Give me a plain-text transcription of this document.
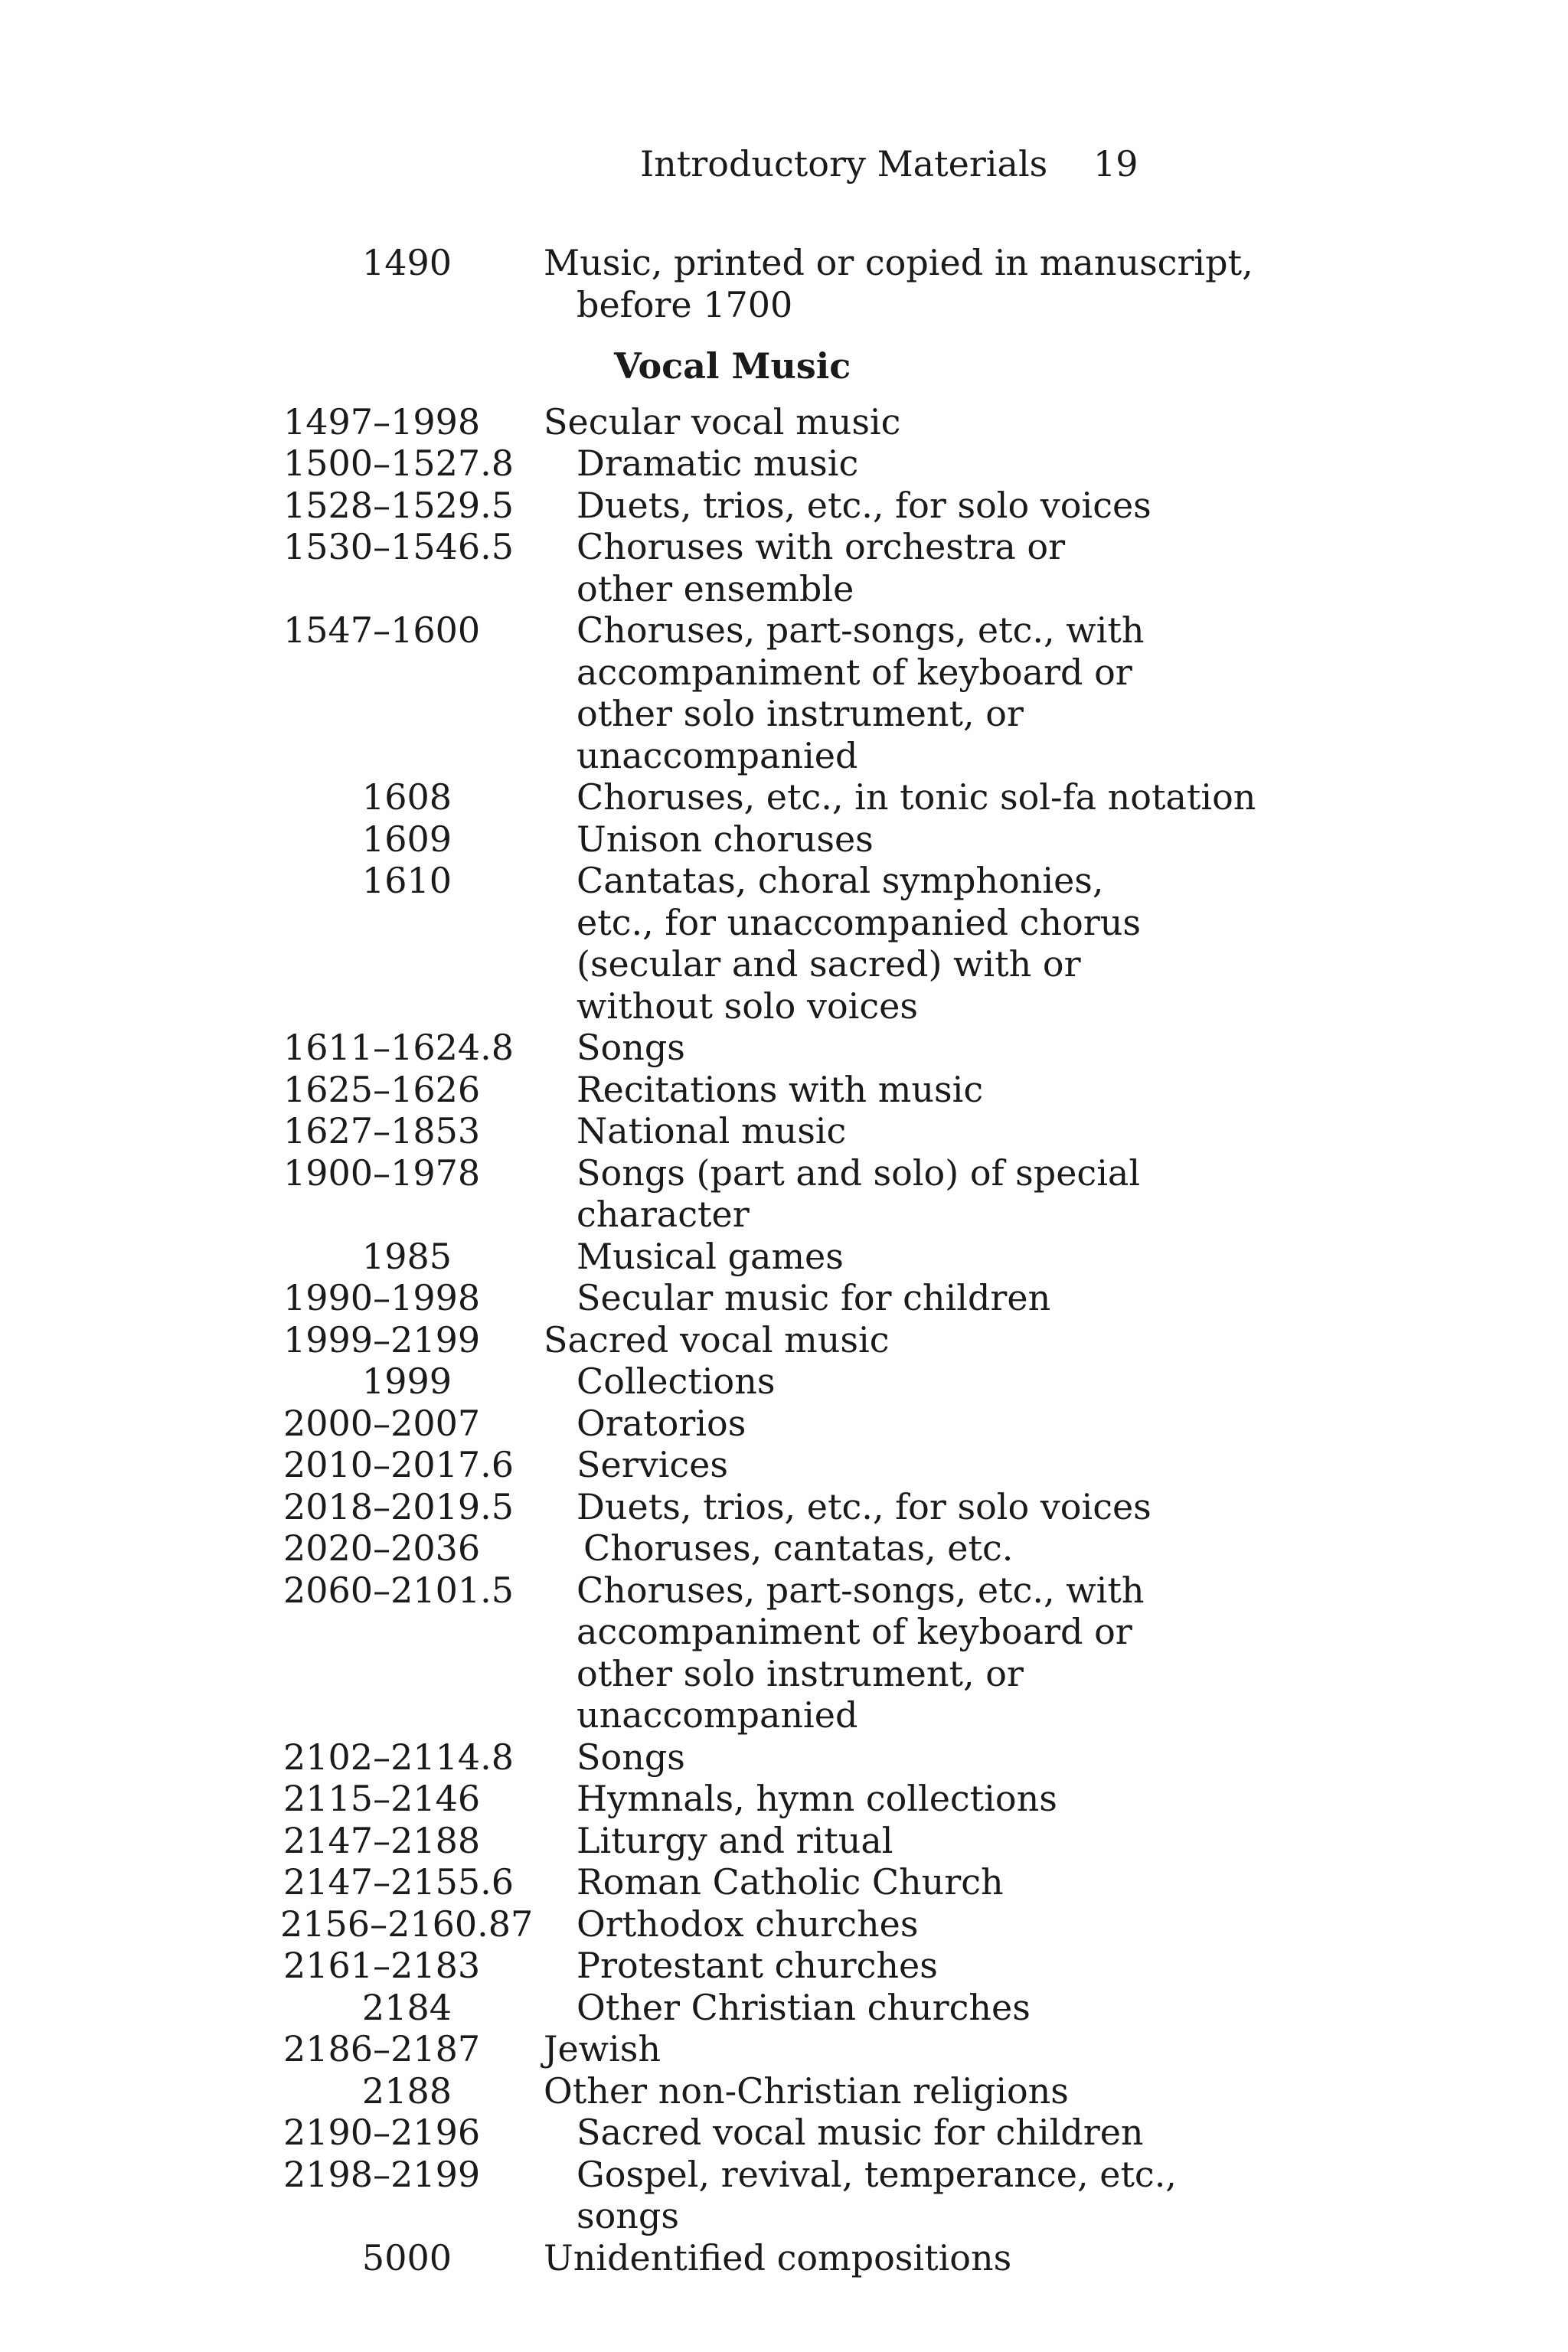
Introductory Materials 19
1490	Music, printed or copied in manuscript,
before 1700
Vocal Music
1497–1998 Secular vocal music
1500–1527.8 Dramatic music
1528–1529.5 Duets, trios, etc., for solo voices
1530–1546.5 Choruses with orchestra or other ensemble
1547–1600	Choruses, part-songs, etc., with accompaniment of keyboard or other solo instrument, or unaccompanied
1608	Choruses, etc., in tonic sol-fa notation
1609	Unison choruses
1610	Cantatas, choral symphonies, etc., for unaccompanied chorus (secular and sacred) with or without solo voices
1611–1624.8 Songs
1625–1626	Recitations with music
1627–1853	National music
1900–1978	Songs (part and solo) of special character
1985	Musical games
1990–1998	Secular music for children
1999–2199 Sacred vocal music
1999	Collections
2000–2007	Oratorios
2010–2017.6 Services
2018–2019.5 Duets, trios, etc., for solo voices
2020–2036	Choruses, cantatas, etc.
2060–2101.5 Choruses, part-songs, etc., with accompaniment of keyboard or other solo instrument, or unaccompanied
2102–2114.8 Songs
2115–2146	Hymnals, hymn collections
2147–2188	Liturgy and ritual
2147–2155.6 Roman Catholic Church
2156–2160.87 Orthodox churches
2161–2183	Protestant churches
2184	Other Christian churches
2186–2187 Jewish
2188	Other non-Christian religions
2190–2196	Sacred vocal music for children
2198–2199	Gospel, revival, temperance, etc., songs
5000	Unidentified compositions
